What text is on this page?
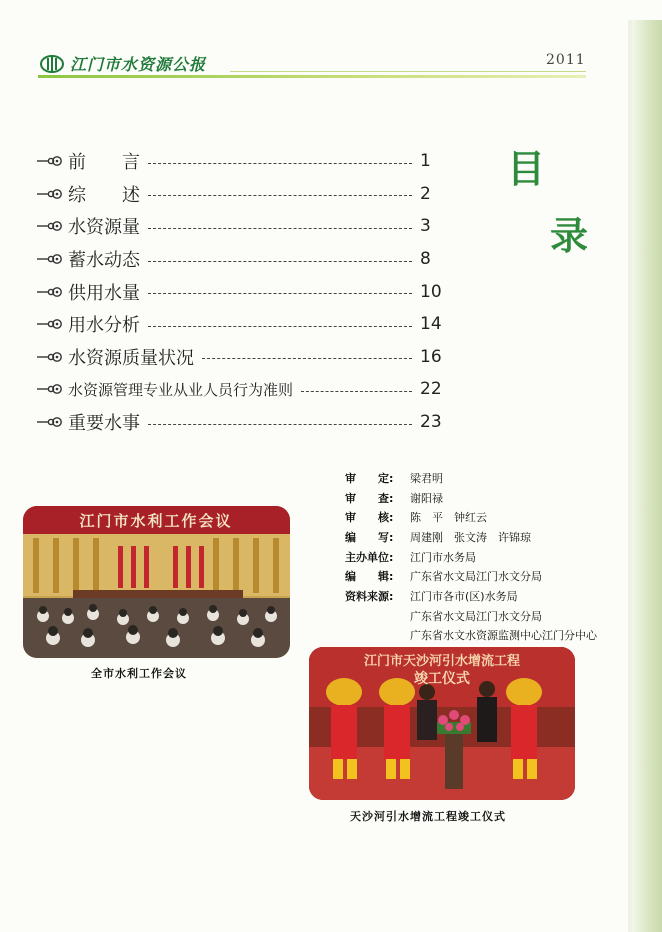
江门市水资源公报	2011
前　　言	1
综　　述	2
水资源量	3
蓄水动态	8
供用水量	10
用水分析	14
水资源质量状况	16
水资源管理专业从业人员行为准则	22
重要水事	23
目
录
审　　定:	梁君明
审　　查:	谢阳禄
审　　核:	陈　平　钟红云
编　　写:	周建刚　张文涛　许锦琼
主办单位:	江门市水务局
编　　辑:	广东省水文局江门水文分局
资料来源:	江门市各市(区)水务局
广东省水文局江门水文分局
广东省水文水资源监测中心江门分中心
江门市水利工作会议
全市水利工作会议
江门市天沙河引水增流工程
竣工仪式
天沙河引水增流工程竣工仪式
